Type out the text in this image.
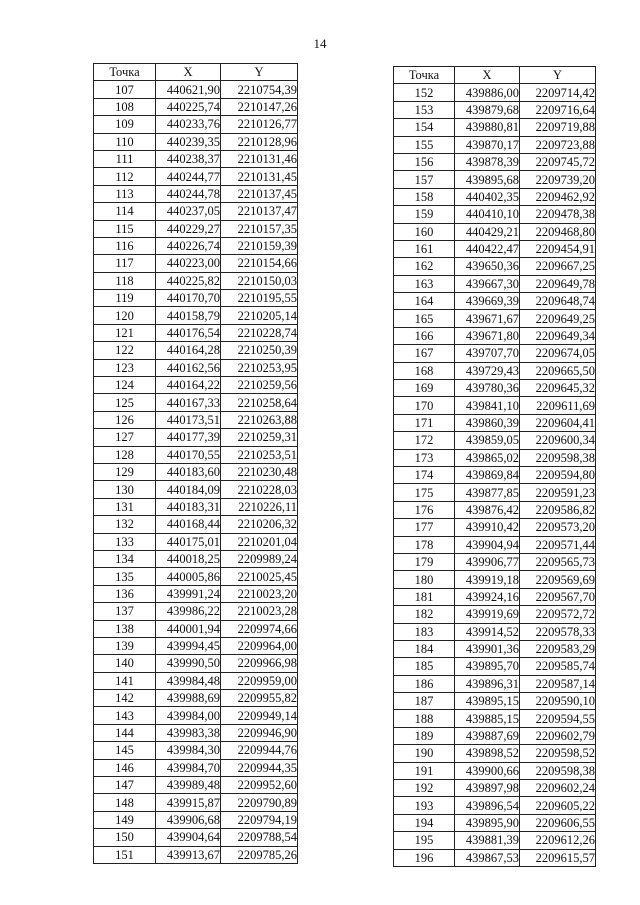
14
Точка	X	Y
107	440621,90	2210754,39
108	440225,74	2210147,26
109	440233,76	2210126,77
110	440239,35	2210128,96
111	440238,37	2210131,46
112	440244,77	2210131,45
113	440244,78	2210137,45
114	440237,05	2210137,47
115	440229,27	2210157,35
116	440226,74	2210159,39
117	440223,00	2210154,66
118	440225,82	2210150,03
119	440170,70	2210195,55
120	440158,79	2210205,14
121	440176,54	2210228,74
122	440164,28	2210250,39
123	440162,56	2210253,95
124	440164,22	2210259,56
125	440167,33	2210258,64
126	440173,51	2210263,88
127	440177,39	2210259,31
128	440170,55	2210253,51
129	440183,60	2210230,48
130	440184,09	2210228,03
131	440183,31	2210226,11
132	440168,44	2210206,32
133	440175,01	2210201,04
134	440018,25	2209989,24
135	440005,86	2210025,45
136	439991,24	2210023,20
137	439986,22	2210023,28
138	440001,94	2209974,66
139	439994,45	2209964,00
140	439990,50	2209966,98
141	439984,48	2209959,00
142	439988,69	2209955,82
143	439984,00	2209949,14
144	439983,38	2209946,90
145	439984,30	2209944,76
146	439984,70	2209944,35
147	439989,48	2209952,60
148	439915,87	2209790,89
149	439906,68	2209794,19
150	439904,64	2209788,54
151	439913,67	2209785,26
Точка	X	Y
152	439886,00	2209714,42
153	439879,68	2209716,64
154	439880,81	2209719,88
155	439870,17	2209723,88
156	439878,39	2209745,72
157	439895,68	2209739,20
158	440402,35	2209462,92
159	440410,10	2209478,38
160	440429,21	2209468,80
161	440422,47	2209454,91
162	439650,36	2209667,25
163	439667,30	2209649,78
164	439669,39	2209648,74
165	439671,67	2209649,25
166	439671,80	2209649,34
167	439707,70	2209674,05
168	439729,43	2209665,50
169	439780,36	2209645,32
170	439841,10	2209611,69
171	439860,39	2209604,41
172	439859,05	2209600,34
173	439865,02	2209598,38
174	439869,84	2209594,80
175	439877,85	2209591,23
176	439876,42	2209586,82
177	439910,42	2209573,20
178	439904,94	2209571,44
179	439906,77	2209565,73
180	439919,18	2209569,69
181	439924,16	2209567,70
182	439919,69	2209572,72
183	439914,52	2209578,33
184	439901,36	2209583,29
185	439895,70	2209585,74
186	439896,31	2209587,14
187	439895,15	2209590,10
188	439885,15	2209594,55
189	439887,69	2209602,79
190	439898,52	2209598,52
191	439900,66	2209598,38
192	439897,98	2209602,24
193	439896,54	2209605,22
194	439895,90	2209606,55
195	439881,39	2209612,26
196	439867,53	2209615,57
